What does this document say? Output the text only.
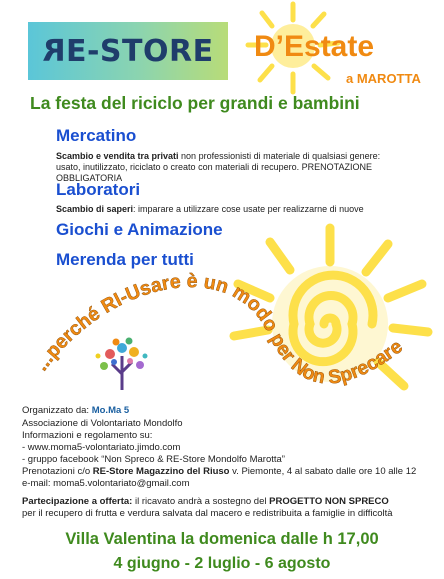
RE-STORE D’Estate
a MAROTTA
La festa del riciclo per grandi e bambini
Mercatino
Scambio e vendita tra privati non professionisti di materiale di qualsiasi genere: usato, inutilizzato, riciclato o creato con materiali di recupero. PRENOTAZIONE OBBLIGATORIA
Laboratori
Scambio di saperi: imparare a utilizzare cose usate per realizzarne di nuove
Giochi e Animazione
Merenda per tutti
...perché RI-Usare è un modo per Non Sprecare
Organizzato da: Mo.Ma 5
Associazione di Volontariato Mondolfo
Informazioni e regolamento su:
- www.moma5-volontariato.jimdo.com
- gruppo facebook “Non Spreco & RE-Store Mondolfo Marotta”
Prenotazioni c/o RE-Store Magazzino del Riuso v. Piemonte, 4 al sabato dalle ore 10 alle 12
e-mail: moma5.volontariato@gmail.com
Partecipazione a offerta: il ricavato andrà a sostegno del PROGETTO NON SPRECO
per il recupero di frutta e verdura salvata dal macero e redistribuita a famiglie in difficoltà
Villa Valentina la domenica dalle h 17,00
4 giugno - 2 luglio - 6 agosto
